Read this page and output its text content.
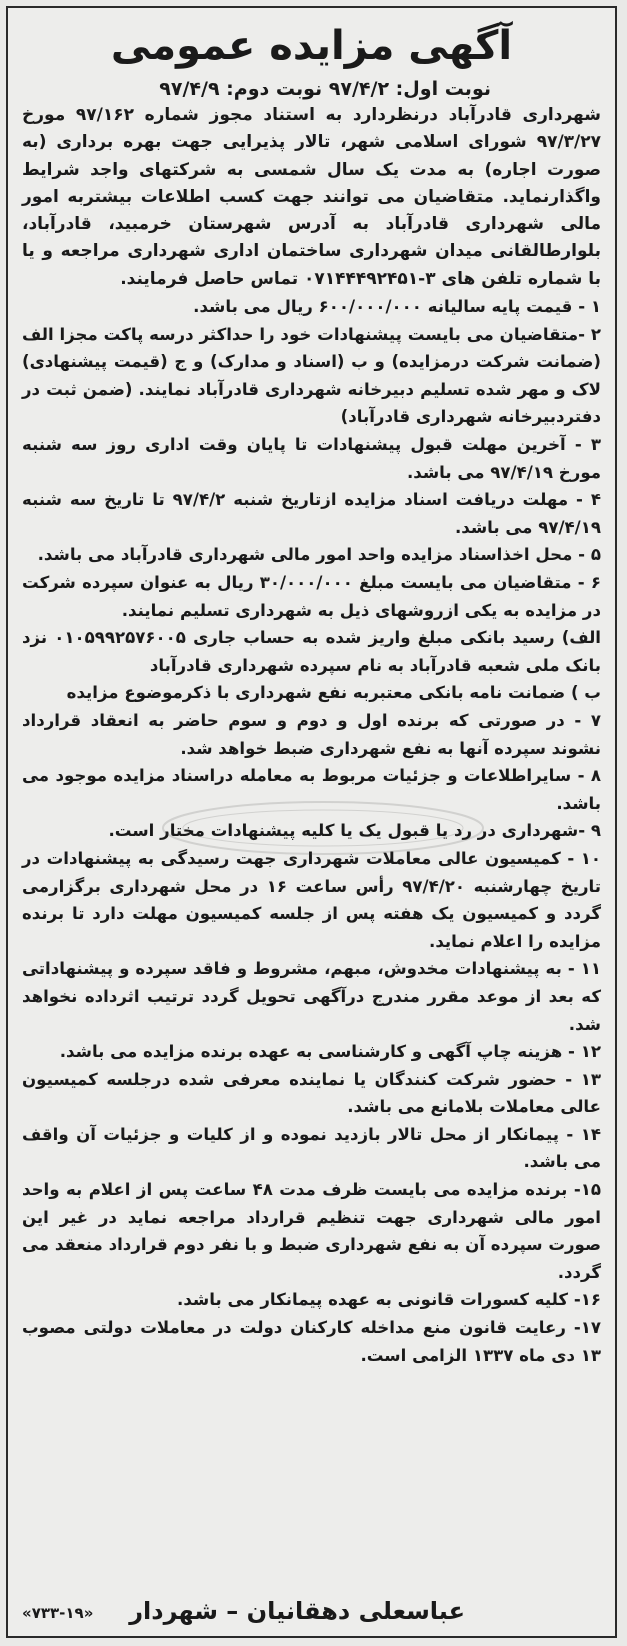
آگهی مزایده عمومی
نوبت اول: ۹۷/۴/۲ نوبت دوم: ۹۷/۴/۹

شهرداری قادرآباد درنظردارد به استناد مجوز شماره ۹۷/۱۶۲ مورخ ۹۷/۳/۲۷ شورای اسلامی شهر، تالار پذیرایی جهت بهره برداری (به صورت اجاره) به مدت یک سال شمسی به شرکتهای واجد شرایط واگذارنماید. متقاضیان می توانند جهت کسب اطلاعات بیشتربه امور مالی شهرداری قادرآباد به آدرس شهرستان خرمبید، قادرآباد، بلوارطالقانی میدان شهرداری ساختمان اداری شهرداری مراجعه و یا با شماره تلفن های ۳-۰۷۱۴۴۴۹۲۴۵۱ تماس حاصل فرمایند.

۱ - قیمت پایه سالیانه ۶۰۰/۰۰۰/۰۰۰ ریال می باشد.

۲ -متقاضیان می بایست پیشنهادات خود را حداکثر درسه پاکت مجزا الف (ضمانت شرکت درمزایده) و ب (اسناد و مدارک) و ج (قیمت پیشنهادی) لاک و مهر شده تسلیم دبیرخانه شهرداری قادرآباد نمایند. (ضمن ثبت در دفتردبیرخانه شهرداری قادرآباد)

۳ - آخرین مهلت قبول پیشنهادات تا پایان وقت اداری روز سه شنبه مورخ ۹۷/۴/۱۹ می باشد.

۴ - مهلت دریافت اسناد مزایده ازتاریخ شنبه ۹۷/۴/۲ تا تاریخ سه شنبه ۹۷/۴/۱۹ می باشد.

۵ - محل اخذاسناد مزایده واحد امور مالی شهرداری قادرآباد می باشد.

۶ - متقاضیان می بایست مبلغ ۳۰/۰۰۰/۰۰۰ ریال به عنوان سپرده شرکت در مزایده به یکی ازروشهای ذیل به شهرداری تسلیم نمایند.

الف) رسید بانکی مبلغ واریز شده به حساب جاری ۰۱۰۵۹۹۲۵۷۶۰۰۵ نزد بانک ملی شعبه قادرآباد به نام سپرده شهرداری قادرآباد

ب ) ضمانت نامه بانکی معتبربه نفع شهرداری با ذکرموضوع مزایده

۷ - در صورتی که برنده اول و دوم و سوم حاضر به انعقاد قرارداد نشوند سپرده آنها به نفع شهرداری ضبط خواهد شد.

۸ - سایراطلاعات و جزئیات مربوط به معامله دراسناد مزایده موجود می باشد.

۹ -شهرداری در رد یا قبول یک یا کلیه پیشنهادات مختار است.

۱۰ - کمیسیون عالی معاملات شهرداری جهت رسیدگی به پیشنهادات در تاریخ چهارشنبه ۹۷/۴/۲۰ رأس ساعت ۱۶ در محل شهرداری برگزارمی گردد و کمیسیون یک هفته پس از جلسه کمیسیون مهلت دارد تا برنده مزایده را اعلام نماید.

۱۱ - به پیشنهادات مخدوش، مبهم، مشروط و فاقد سپرده و پیشنهاداتی که بعد از موعد مقرر مندرج درآگهی تحویل گردد ترتیب اثرداده نخواهد شد.

۱۲ - هزینه چاپ آگهی و کارشناسی به عهده برنده مزایده می باشد.

۱۳ - حضور شرکت کنندگان یا نماینده معرفی شده درجلسه کمیسیون عالی معاملات بلامانع می باشد.

۱۴ - پیمانکار از محل تالار بازدید نموده و از کلیات و جزئیات آن واقف می باشد.

۱۵- برنده مزایده می بایست ظرف مدت ۴۸ ساعت پس از اعلام به واحد امور مالی شهرداری جهت تنظیم قرارداد مراجعه نماید در غیر این صورت سپرده آن به نفع شهرداری ضبط و با نفر دوم قرارداد منعقد می گردد.

۱۶- کلیه کسورات قانونی به عهده پیمانکار می باشد.

۱۷- رعایت قانون منع مداخله کارکنان دولت در معاملات دولتی مصوب ۱۳ دی ماه ۱۳۳۷ الزامی است.

عباسعلی دهقانیان – شهردار
«۷۳۳-۱۹»
